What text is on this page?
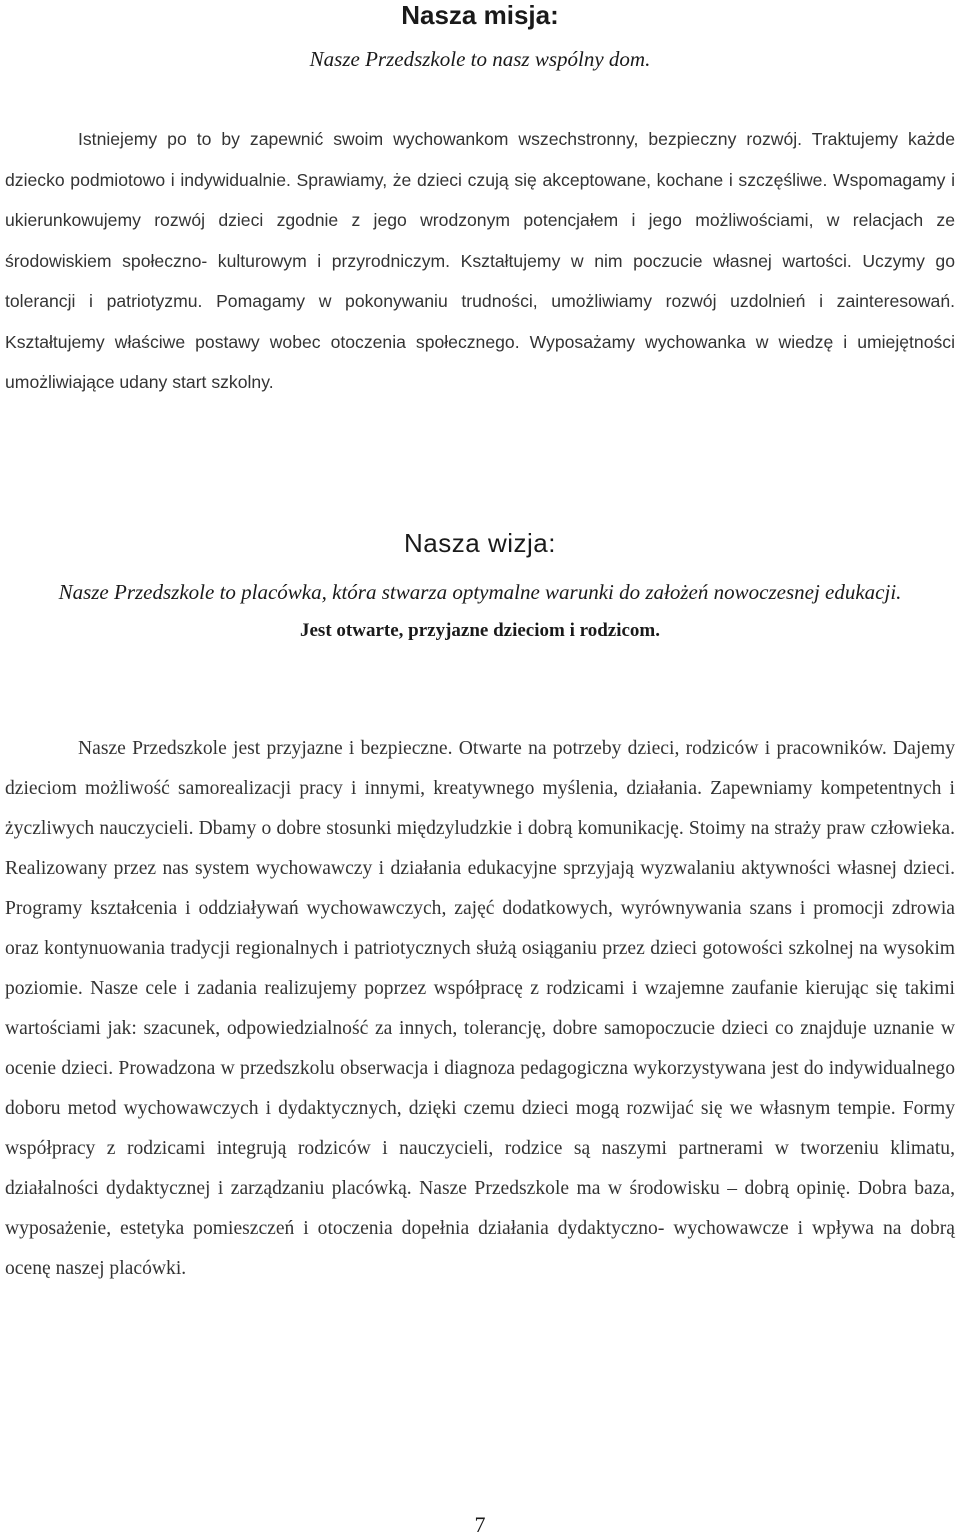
Nasza misja:

Nasze Przedszkole to nasz wspólny dom.

Istniejemy po to by zapewnić swoim wychowankom wszechstronny, bezpieczny rozwój. Traktujemy każde dziecko podmiotowo i indywidualnie. Sprawiamy, że dzieci czują się akceptowane, kochane i szczęśliwe. Wspomagamy i ukierunkowujemy rozwój dzieci zgodnie z jego wrodzonym potencjałem i jego możliwościami, w relacjach ze środowiskiem społeczno- kulturowym i przyrodniczym. Kształtujemy w nim poczucie własnej wartości. Uczymy go tolerancji i patriotyzmu. Pomagamy w pokonywaniu trudności, umożliwiamy rozwój uzdolnień i zainteresowań. Kształtujemy właściwe postawy wobec otoczenia społecznego. Wyposażamy wychowanka w wiedzę i umiejętności umożliwiające udany start szkolny.

Nasza wizja:

Nasze Przedszkole to placówka, która stwarza optymalne warunki do założeń nowoczesnej edukacji.

Jest otwarte, przyjazne dzieciom i rodzicom.

Nasze Przedszkole jest przyjazne i bezpieczne. Otwarte na potrzeby dzieci, rodziców i pracowników. Dajemy dzieciom możliwość samorealizacji pracy i innymi, kreatywnego myślenia, działania. Zapewniamy kompetentnych i życzliwych nauczycieli. Dbamy o dobre stosunki międzyludzkie i dobrą komunikację. Stoimy na straży praw człowieka. Realizowany przez nas system wychowawczy i działania edukacyjne sprzyjają wyzwalaniu aktywności własnej dzieci. Programy kształcenia i oddziaływań wychowawczych, zajęć dodatkowych, wyrównywania szans i promocji zdrowia oraz kontynuowania tradycji regionalnych i patriotycznych służą osiąganiu przez dzieci gotowości szkolnej na wysokim poziomie. Nasze cele i zadania realizujemy poprzez współpracę z rodzicami i wzajemne zaufanie kierując się takimi wartościami jak: szacunek, odpowiedzialność za innych, tolerancję, dobre samopoczucie dzieci co znajduje uznanie w ocenie dzieci. Prowadzona w przedszkolu obserwacja i diagnoza pedagogiczna wykorzystywana jest do indywidualnego doboru metod wychowawczych i dydaktycznych, dzięki czemu dzieci mogą rozwijać się we własnym tempie. Formy współpracy z rodzicami integrują rodziców i nauczycieli, rodzice są naszymi partnerami w tworzeniu klimatu, działalności dydaktycznej i zarządzaniu placówką. Nasze Przedszkole ma w środowisku – dobrą opinię. Dobra baza, wyposażenie, estetyka pomieszczeń i otoczenia dopełnia działania dydaktyczno- wychowawcze i wpływa na dobrą ocenę naszej placówki.

7
